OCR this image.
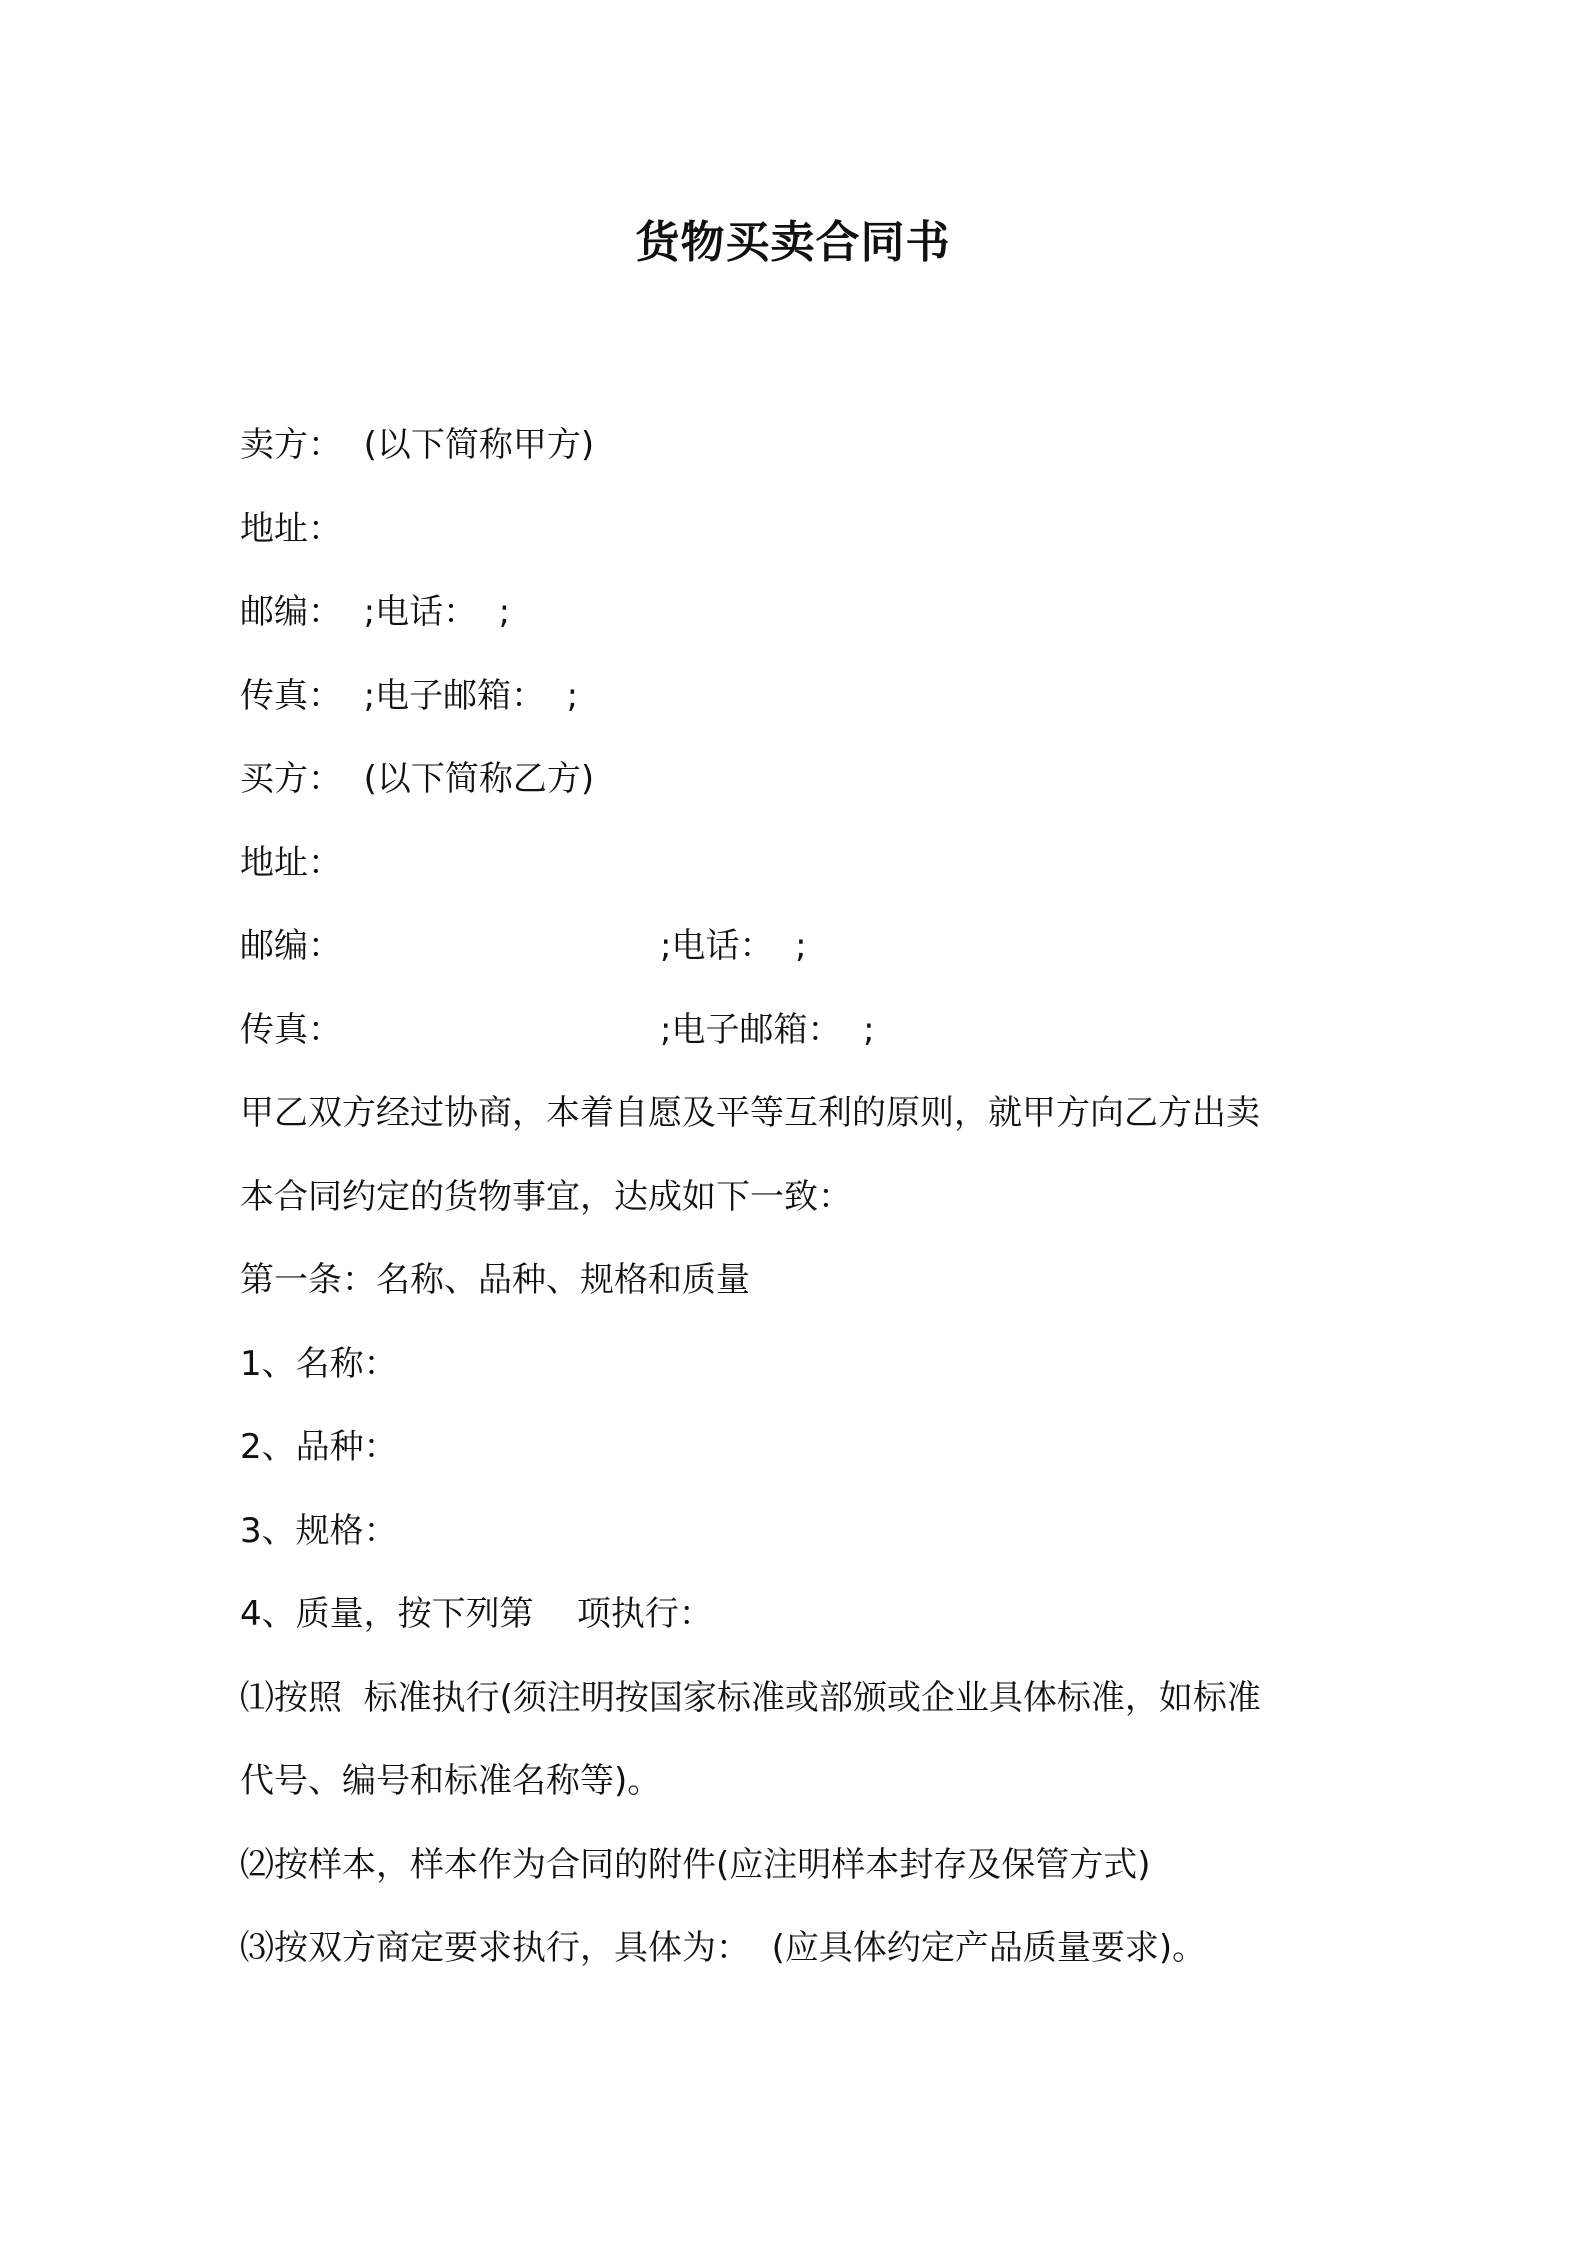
货物买卖合同书
卖方：  (以下简称甲方)
地址：
邮编：  ;电话：  ;
传真：  ;电子邮箱：  ;
买方：  (以下简称乙方)
地址：
邮编：	;电话：  ;
传真：	;电子邮箱：  ;
甲乙双方经过协商，本着自愿及平等互利的原则，就甲方向乙方出卖
本合同约定的货物事宜，达成如下一致：
第一条：名称、品种、规格和质量
1、名称：
2、品种：
3、规格：
4、质量，按下列第    项执行：
⑴按照  标准执行(须注明按国家标准或部颁或企业具体标准，如标准
代号、编号和标准名称等)。
⑵按样本，样本作为合同的附件(应注明样本封存及保管方式)
⑶按双方商定要求执行，具体为：  (应具体约定产品质量要求)。
